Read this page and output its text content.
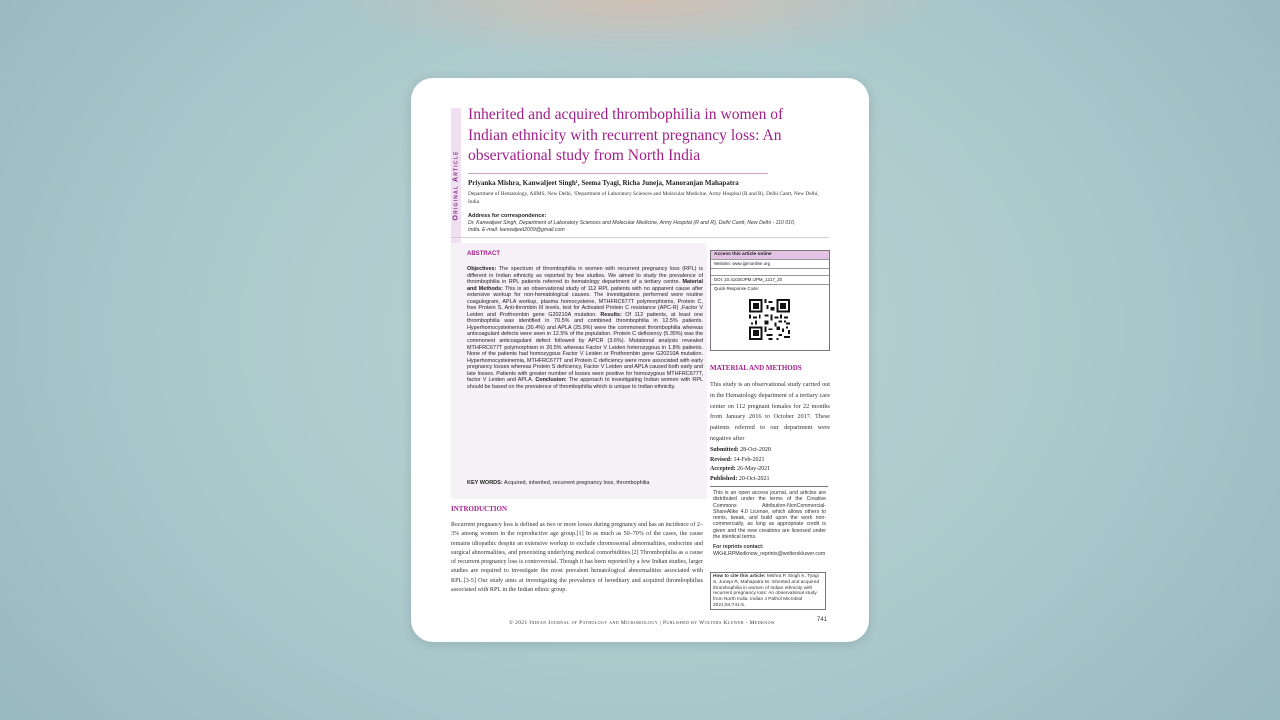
Original Article
Inherited and acquired thrombophilia in women of Indian ethnicity with recurrent pregnancy loss: An observational study from North India
Priyanka Mishra, Kanwaljeet Singh¹, Seema Tyagi, Richa Juneja, Manoranjan Mahapatra
Department of Hematology, AIIMS, New Delhi, ¹Department of Laboratory Sciences and Molecular Medicine, Army Hospital (R and R), Delhi Cantt, New Delhi, India
Address for correspondence:
Dr. Kanwaljeet Singh, Department of Laboratory Sciences and Molecular Medicine, Army Hospital (R and R), Delhi Cantt, New Delhi - 110 010, India. E-mail: kanwaljeet2009@gmail.com
ABSTRACT

Objectives: The spectrum of thrombophilia in women with recurrent pregnancy loss (RPL) is different in Indian ethnicity as reported by few studies. We aimed to study the prevalence of thrombophilia in RPL patients referred to hematology department of a tertiary centre. Material and Methods: This is an observational study of 112 RPL patients with no apparent cause after extensive workup for non-hematological causes. The investigations performed were routine coagulogram, APLA workup, plasma homocysteine, MTHFRC677T polymorphisms, Protein C, free Protein S, Anti-thrombin III levels, test for Activated Protein C resistance (APC-R) ,Factor V Leiden and Prothrombin gene G20210A mutation. Results: Of 112 patients, at least one thrombophilia was identified in 70.5% and combined thrombophilia in 12.5% patients. Hyperhomocysteinemia (30.4%) and APLA (25.9%) were the commonest thrombophilia whereas anticoagulant defects were seen in 12.5% of the population. Protein C deficiency (5.35%) was the commonest anticoagulant defect followed by APCR (3.6%). Mutational analysis revealed MTHFRC677T polymorphism in 20.5% whereas Factor V Leiden heterozygous in 1.8% patients. None of the patients had homozygous Factor V Leiden or Prothrombin gene G20210A mutation. Hyperhomocysteinemia, MTHFRC677T and Protein C deficiency were more associated with early pregnancy losses whereas Protein S deficiency, Factor V Leiden and APLA caused both early and late losses. Patients with greater number of losses were positive for homozygous MTHFRC677T, factor V Leiden and APLA. Conclusion: The approach to investigating Indian women with RPL should be based on the prevalence of thrombophilia which is unique to Indian ethnicity.

KEY WORDS: Acquired, inherited, recurrent pregnancy loss, thrombophilia
Access this article online
Website: www.ijpmonline.org
DOI: 10.4103/IJPM.IJPM_1217_20
Quick Response Code:
MATERIAL AND METHODS

This study is an observational study carried out in the Hematology department of a tertiary care center on 112 pregnant females for 22 months from January 2016 to October 2017. These patients referred to our department were negative after

Submitted: 28-Oct-2020
Revised: 14-Feb-2021
Accepted: 26-May-2021
Published: 20-Oct-2021

This is an open access journal, and articles are distributed under the terms of the Creative Commons Attribution-NonCommercial-ShareAlike 4.0 License, which allows others to remix, tweak, and build upon the work non-commercially, as long as appropriate credit is given and the new creations are licensed under the identical terms.

For reprints contact: WKHLRPMedknow_reprints@wolterskluwer.com
How to cite this article: Mishra P, Singh K, Tyagi S, Juneja R, Mahapatra M. Inherited and acquired thrombophilia in women of Indian ethnicity with recurrent pregnancy loss: An observational study from North India. Indian J Pathol Microbiol 2021;64:741-5.
INTRODUCTION

Recurrent pregnancy loss is defined as two or more losses during pregnancy and has an incidence of 2–3% among women in the reproductive age group.[1] In as much as 50–70% of the cases, the cause remains idiopathic despite an extensive workup to exclude chromosomal abnormalities, endocrine and surgical abnormalities, and preexisting underlying medical comorbidities.[2] Thrombophilia as a cause of recurrent pregnancy loss is controversial. Though it has been reported by a few Indian studies, larger studies are required to investigate the most prevalent hematological abnormalities associated with RPL.[3-5] Our study aims at investigating the prevalence of hereditary and acquired thrombophilias associated with RPL in the Indian ethnic group.

© 2021 Indian Journal of Pathology and Microbiology | Published by Wolters Kluwer - Medknow	741
